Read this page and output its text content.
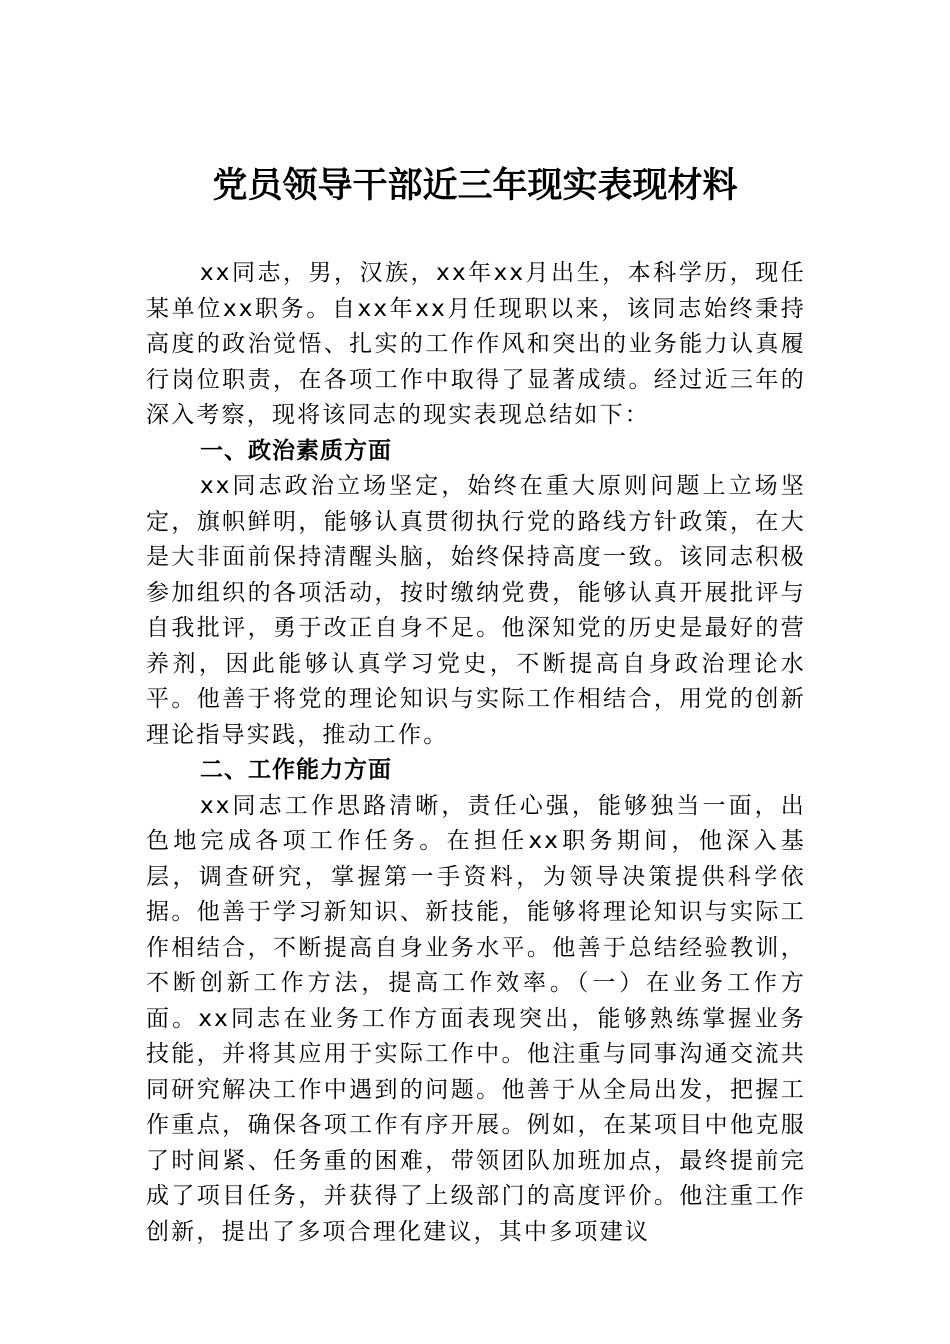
党员领导干部近三年现实表现材料

xx同志，男，汉族，xx年xx月出生，本科学历，现任某单位xx职务。自xx年xx月任现职以来，该同志始终秉持高度的政治觉悟、扎实的工作作风和突出的业务能力认真履行岗位职责，在各项工作中取得了显著成绩。经过近三年的深入考察，现将该同志的现实表现总结如下：

一、政治素质方面

xx同志政治立场坚定，始终在重大原则问题上立场坚定，旗帜鲜明，能够认真贯彻执行党的路线方针政策，在大是大非面前保持清醒头脑，始终保持高度一致。该同志积极参加组织的各项活动，按时缴纳党费，能够认真开展批评与自我批评，勇于改正自身不足。他深知党的历史是最好的营养剂，因此能够认真学习党史，不断提高自身政治理论水平。他善于将党的理论知识与实际工作相结合，用党的创新理论指导实践，推动工作。

二、工作能力方面

xx同志工作思路清晰，责任心强，能够独当一面，出色地完成各项工作任务。在担任xx职务期间，他深入基层，调查研究，掌握第一手资料，为领导决策提供科学依据。他善于学习新知识、新技能，能够将理论知识与实际工作相结合，不断提高自身业务水平。他善于总结经验教训，不断创新工作方法，提高工作效率。（一）在业务工作方面。xx同志在业务工作方面表现突出，能够熟练掌握业务技能，并将其应用于实际工作中。他注重与同事沟通交流共同研究解决工作中遇到的问题。他善于从全局出发，把握工作重点，确保各项工作有序开展。例如，在某项目中他克服了时间紧、任务重的困难，带领团队加班加点，最终提前完成了项目任务，并获得了上级部门的高度评价。他注重工作创新，提出了多项合理化建议，其中多项建议
